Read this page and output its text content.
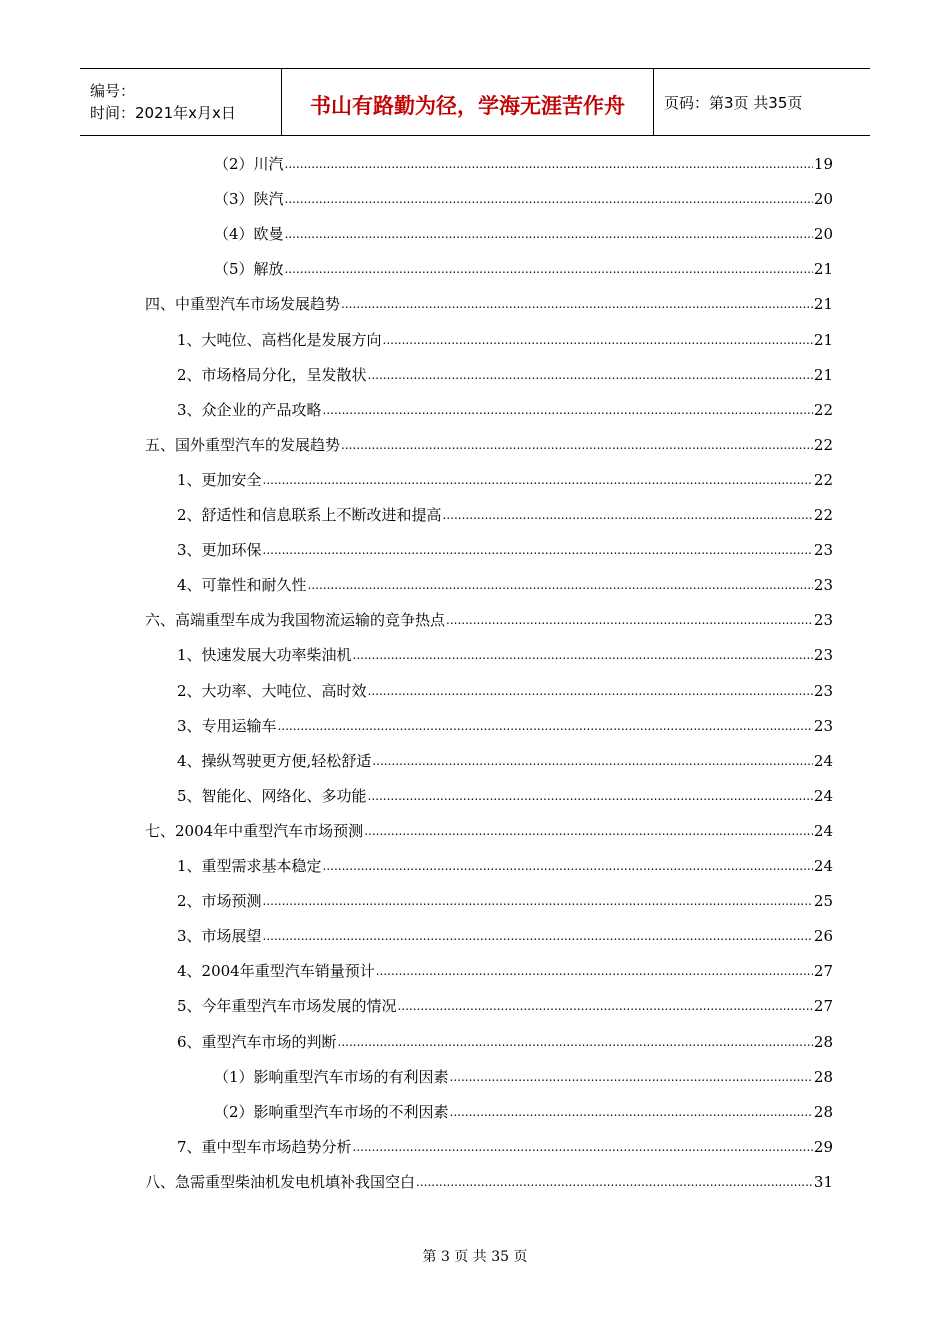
编号：
时间：2021年x月x日	书山有路勤为径，学海无涯苦作舟	页码：第3页 共35页
（2）川汽 .....	19
（3）陕汽 .....	20
（4）欧曼 .....	20
（5）解放 .....	21
四、中重型汽车市场发展趋势 .....	21
1、大吨位、高档化是发展方向 .....	21
2、市场格局分化，呈发散状 .....	21
3、众企业的产品攻略 .....	22
五、国外重型汽车的发展趋势 .....	22
1、更加安全 .....	22
2、舒适性和信息联系上不断改进和提高 .....	22
3、更加环保 .....	23
4、可靠性和耐久性 .....	23
六、高端重型车成为我国物流运输的竞争热点 .....	23
1、快速发展大功率柴油机 .....	23
2、大功率、大吨位、高时效 .....	23
3、专用运输车 .....	23
4、操纵驾驶更方便,轻松舒适 .....	24
5、智能化、网络化、多功能 .....	24
七、2004年中重型汽车市场预测 .....	24
1、重型需求基本稳定 .....	24
2、市场预测 .....	25
3、市场展望 .....	26
4、2004年重型汽车销量预计 .....	27
5、今年重型汽车市场发展的情况 .....	27
6、重型汽车市场的判断 .....	28
（1）影响重型汽车市场的有利因素 .....	28
（2）影响重型汽车市场的不利因素 .....	28
7、重中型车市场趋势分析 .....	29
八、急需重型柴油机发电机填补我国空白 .....	31
第 3 页 共 35 页
